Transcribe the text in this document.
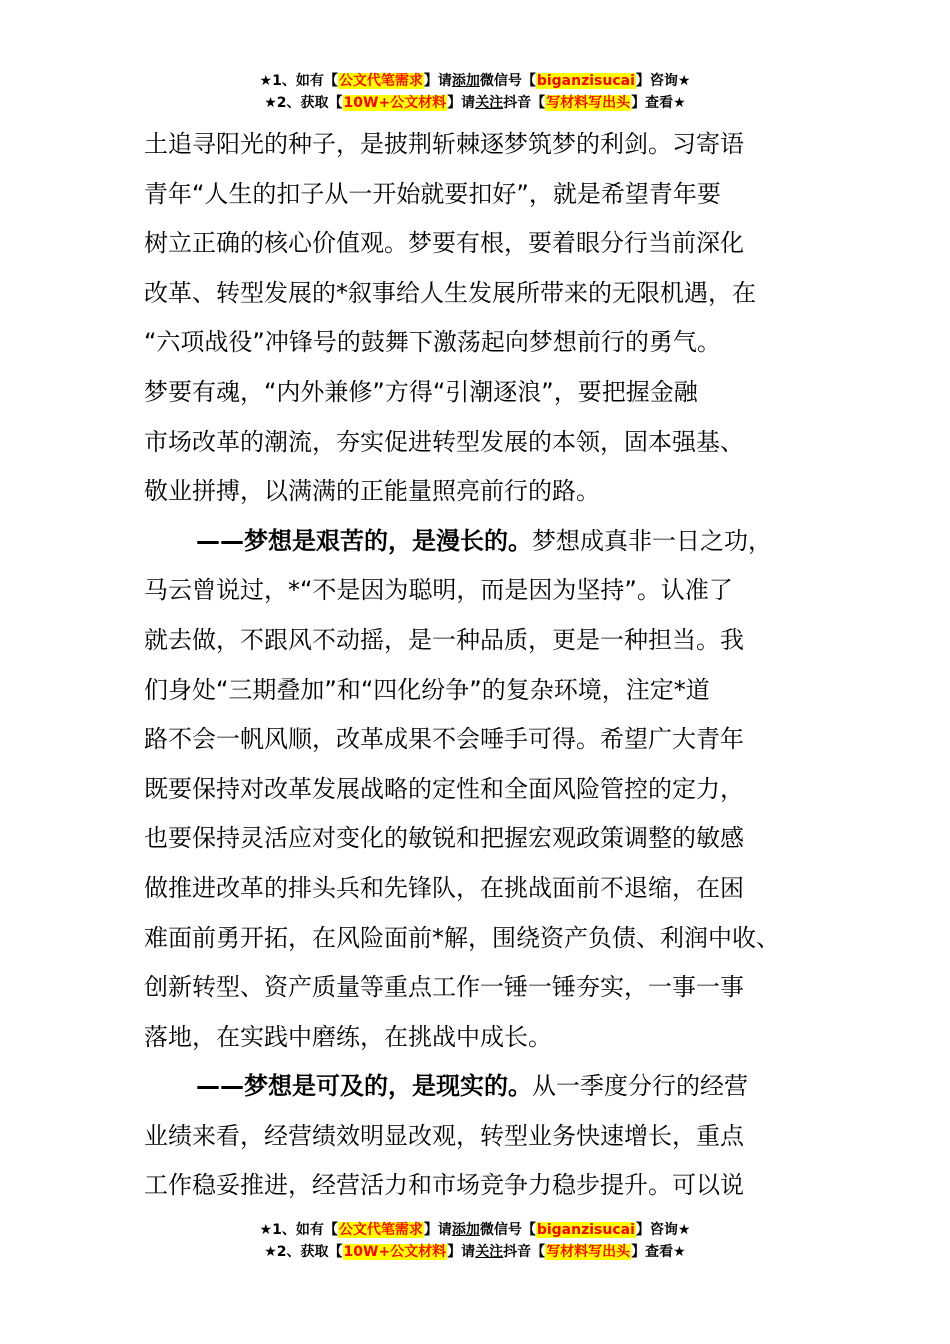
★1、如有【公文代笔需求】请添加微信号【biganzisucai】咨询★
★2、获取【10W+公文材料】请关注抖音【写材料写出头】查看★
土追寻阳光的种子，是披荆斩棘逐梦筑梦的利剑。习寄语
青年“人生的扣子从一开始就要扣好”，就是希望青年要
树立正确的核心价值观。梦要有根，要着眼分行当前深化
改革、转型发展的*叙事给人生发展所带来的无限机遇，在
“六项战役”冲锋号的鼓舞下激荡起向梦想前行的勇气。
梦要有魂，“内外兼修”方得“引潮逐浪”，要把握金融
市场改革的潮流，夯实促进转型发展的本领，固本强基、
敬业拼搏，以满满的正能量照亮前行的路。
——梦想是艰苦的，是漫长的。梦想成真非一日之功，
马云曾说过，*“不是因为聪明，而是因为坚持”。认准了
就去做，不跟风不动摇，是一种品质，更是一种担当。我
们身处“三期叠加”和“四化纷争”的复杂环境，注定*道
路不会一帆风顺，改革成果不会唾手可得。希望广大青年
既要保持对改革发展战略的定性和全面风险管控的定力，
也要保持灵活应对变化的敏锐和把握宏观政策调整的敏感
做推进改革的排头兵和先锋队，在挑战面前不退缩，在困
难面前勇开拓，在风险面前*解，围绕资产负债、利润中收、
创新转型、资产质量等重点工作一锤一锤夯实，一事一事
落地，在实践中磨练，在挑战中成长。
——梦想是可及的，是现实的。从一季度分行的经营
业绩来看，经营绩效明显改观，转型业务快速增长，重点
工作稳妥推进，经营活力和市场竞争力稳步提升。可以说
★1、如有【公文代笔需求】请添加微信号【biganzisucai】咨询★
★2、获取【10W+公文材料】请关注抖音【写材料写出头】查看★
